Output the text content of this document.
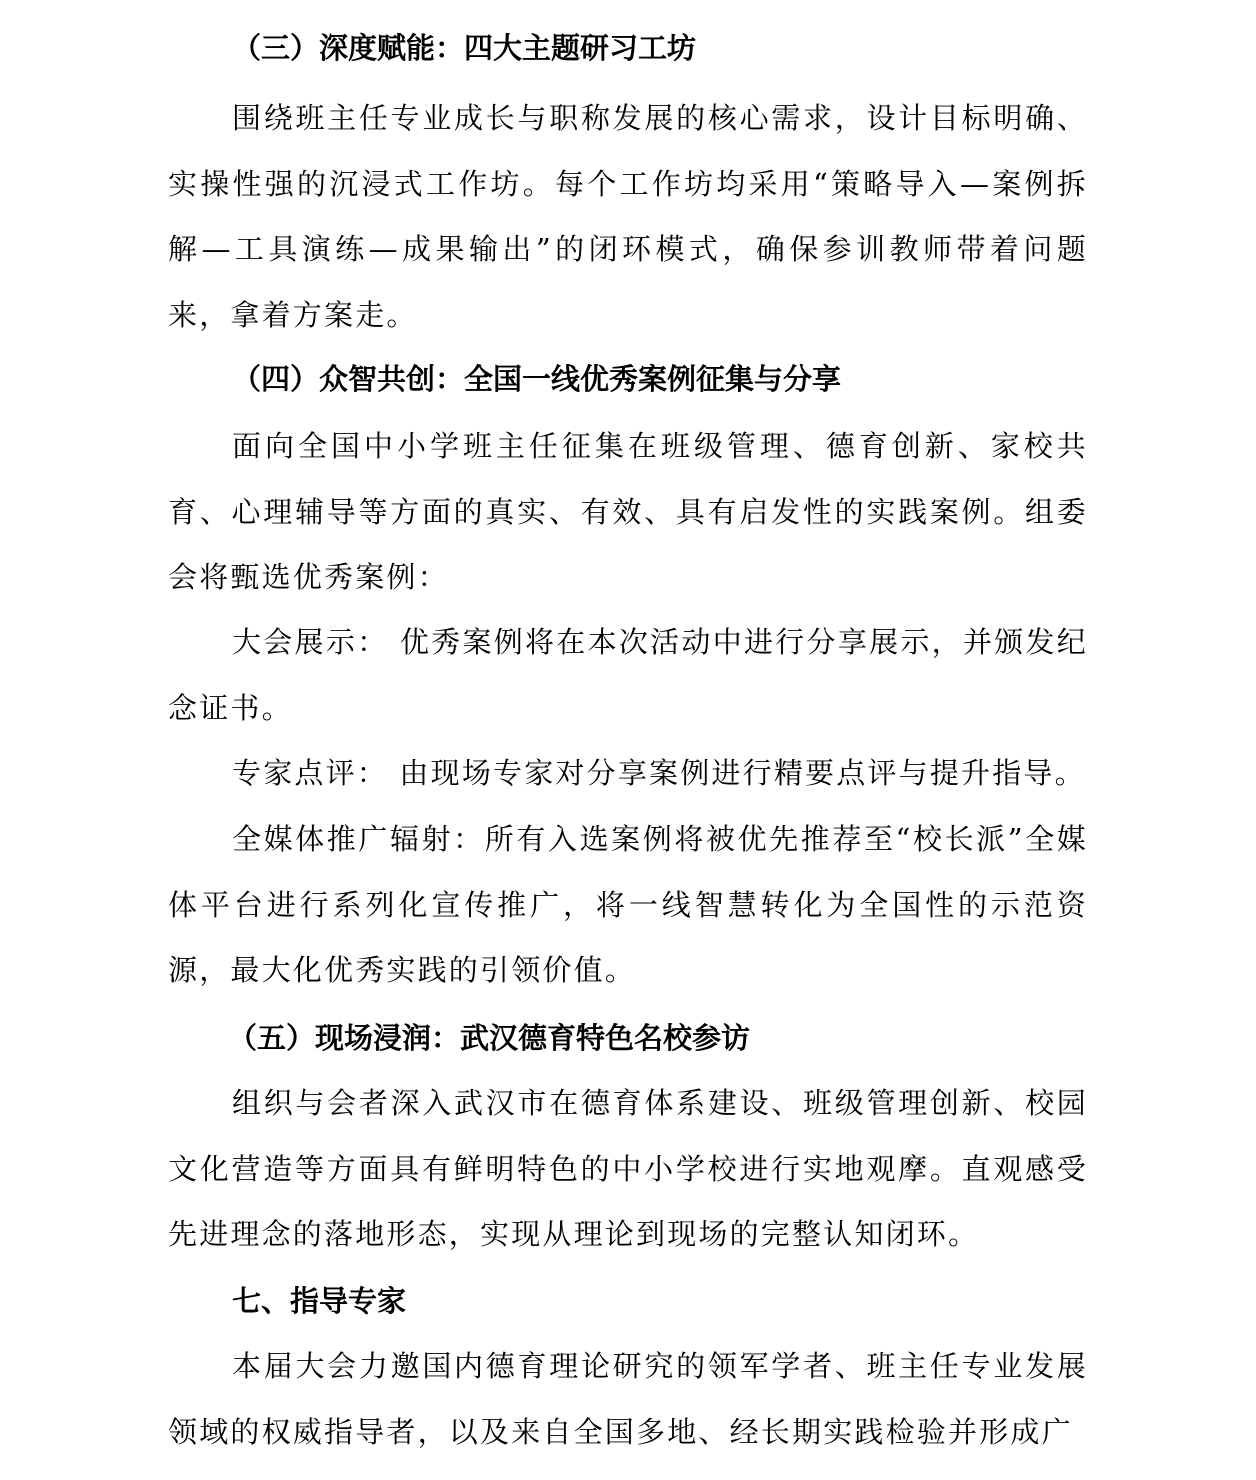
（三）深度赋能：四大主题研习工坊

围绕班主任专业成长与职称发展的核心需求，设计目标明确、实操性强的沉浸式工作坊。每个工作坊均采用“策略导入—案例拆解—工具演练—成果输出”的闭环模式，确保参训教师带着问题来，拿着方案走。

（四）众智共创：全国一线优秀案例征集与分享

面向全国中小学班主任征集在班级管理、德育创新、家校共育、心理辅导等方面的真实、有效、具有启发性的实践案例。组委会将甄选优秀案例：

大会展示： 优秀案例将在本次活动中进行分享展示，并颁发纪念证书。

专家点评： 由现场专家对分享案例进行精要点评与提升指导。

全媒体推广辐射：所有入选案例将被优先推荐至“校长派”全媒体平台进行系列化宣传推广，将一线智慧转化为全国性的示范资源，最大化优秀实践的引领价值。

（五）现场浸润：武汉德育特色名校参访

组织与会者深入武汉市在德育体系建设、班级管理创新、校园文化营造等方面具有鲜明特色的中小学校进行实地观摩。直观感受先进理念的落地形态，实现从理论到现场的完整认知闭环。

七、指导专家

本届大会力邀国内德育理论研究的领军学者、班主任专业发展领域的权威指导者，以及来自全国多地、经长期实践检验并形成广
